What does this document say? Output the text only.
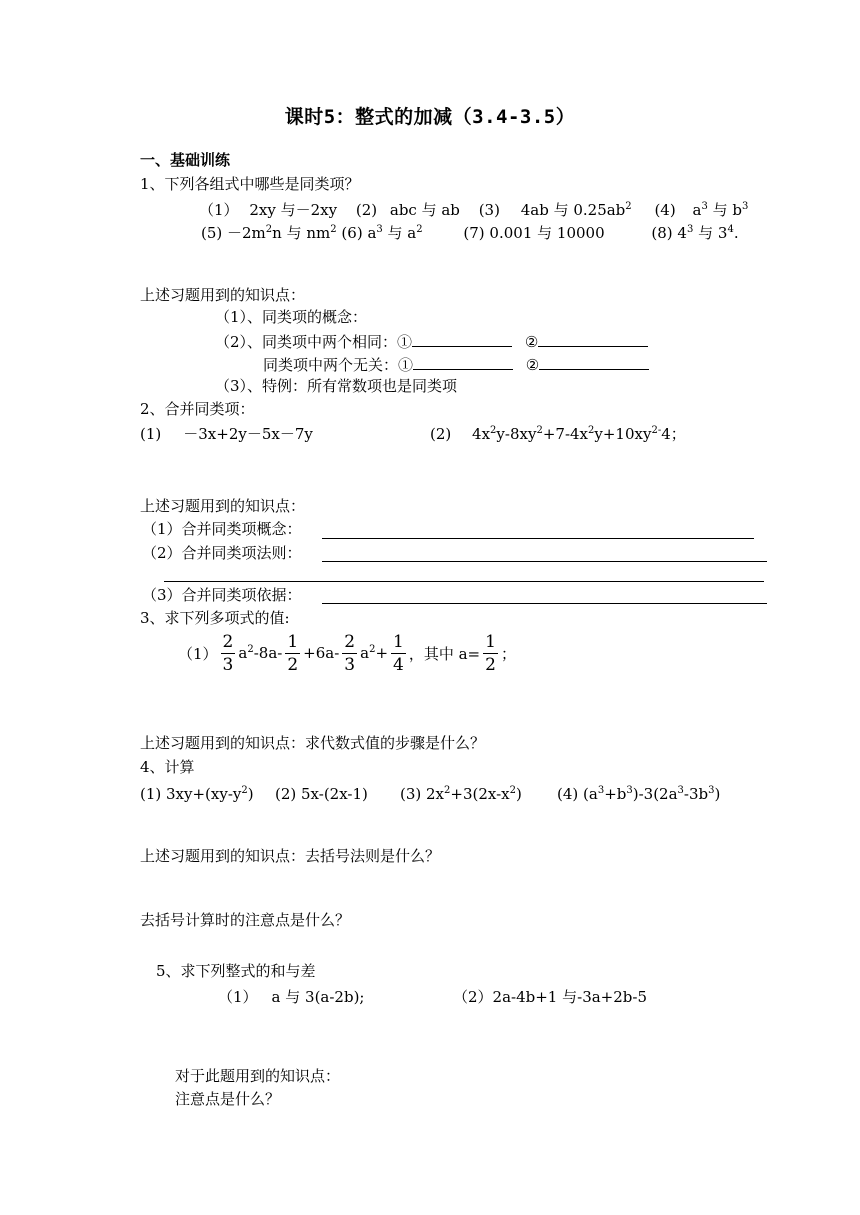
课时5：整式的加减（3.4-3.5）
一、基础训练
1、下列各组式中哪些是同类项？
（1） 2xy 与－2xy (2) abc 与 ab (3) 4ab 与 $0.25ab^2$ (4) $a^3$ 与 $b^3$
$(5) -2m^2n$ 与 $nm^2$ (6) $a^3$ 与 $a^2$	(7) 0.001 与 10000	(8) $4^3$ 与 $3^4$.
上述习题用到的知识点：
（1）、同类项的概念：
（2）、同类项中两个相同：①	②
同类项中两个无关：①	②
（3）、特例：所有常数项也是同类项
2、合并同类项：
(1) －3x+2y－5x－7y	(2) $4x^2y-8xy^2+7-4x^2y+10xy^{2-}4$；
上述习题用到的知识点：
（1）合并同类项概念：
（2）合并同类项法则：
（3）合并同类项依据：
3、求下列多项式的值:
$(1) \frac{2}{3} a^2-8a- \frac{1}{2} +6a- \frac{2}{3} a^2+ \frac{1}{4}$ ，其中 $a= \frac{1}{2}$ ；
上述习题用到的知识点：求代数式值的步骤是什么？
4、计算
(1) $3xy+(xy-y^2)$ (2) 5x-(2x-1) (3) $2x^2+3(2x-x^2)$ (4) $(a^3+b^3)-3(2a^3-3b^3)$
上述习题用到的知识点：去括号法则是什么？
去括号计算时的注意点是什么？
5、求下列整式的和与差
（1） a 与 3(a-2b);	（2）2a-4b+1 与-3a+2b-5
对于此题用到的知识点：
注意点是什么？
